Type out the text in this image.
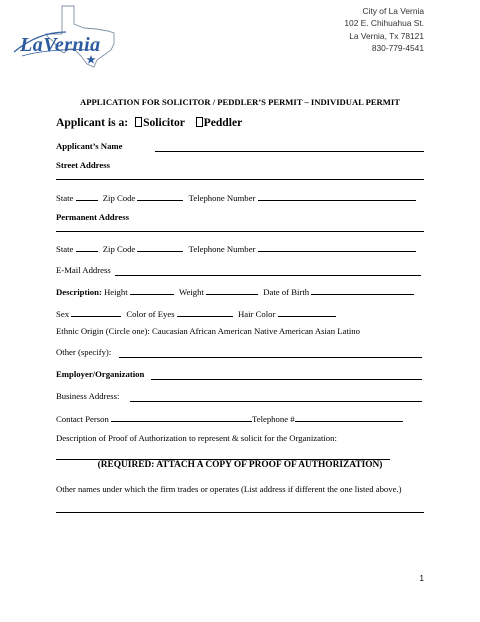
LaVernia
City of La Vernia
102 E. Chihuahua St.
La Vernia, Tx 78121
830-779-4541
APPLICATION FOR SOLICITOR / PEDDLER’S PERMIT – INDIVIDUAL PERMIT
Applicant is a: Solicitor Peddler
Applicant’s Name
Street Address
State	Zip Code	Telephone Number
Permanent Address
State	Zip Code	Telephone Number
E-Mail Address
Description: Height	Weight	Date of Birth
Sex	Color of Eyes	Hair Color
Ethnic Origin (Circle one): Caucasian African American Native American Asian Latino
Other (specify):
Employer/Organization
Business Address:
Contact Person	Telephone #
Description of Proof of Authorization to represent & solicit for the Organization:
(REQUIRED: ATTACH A COPY OF PROOF OF AUTHORIZATION)
Other names under which the firm trades or operates (List address if different the one listed above.)
1
